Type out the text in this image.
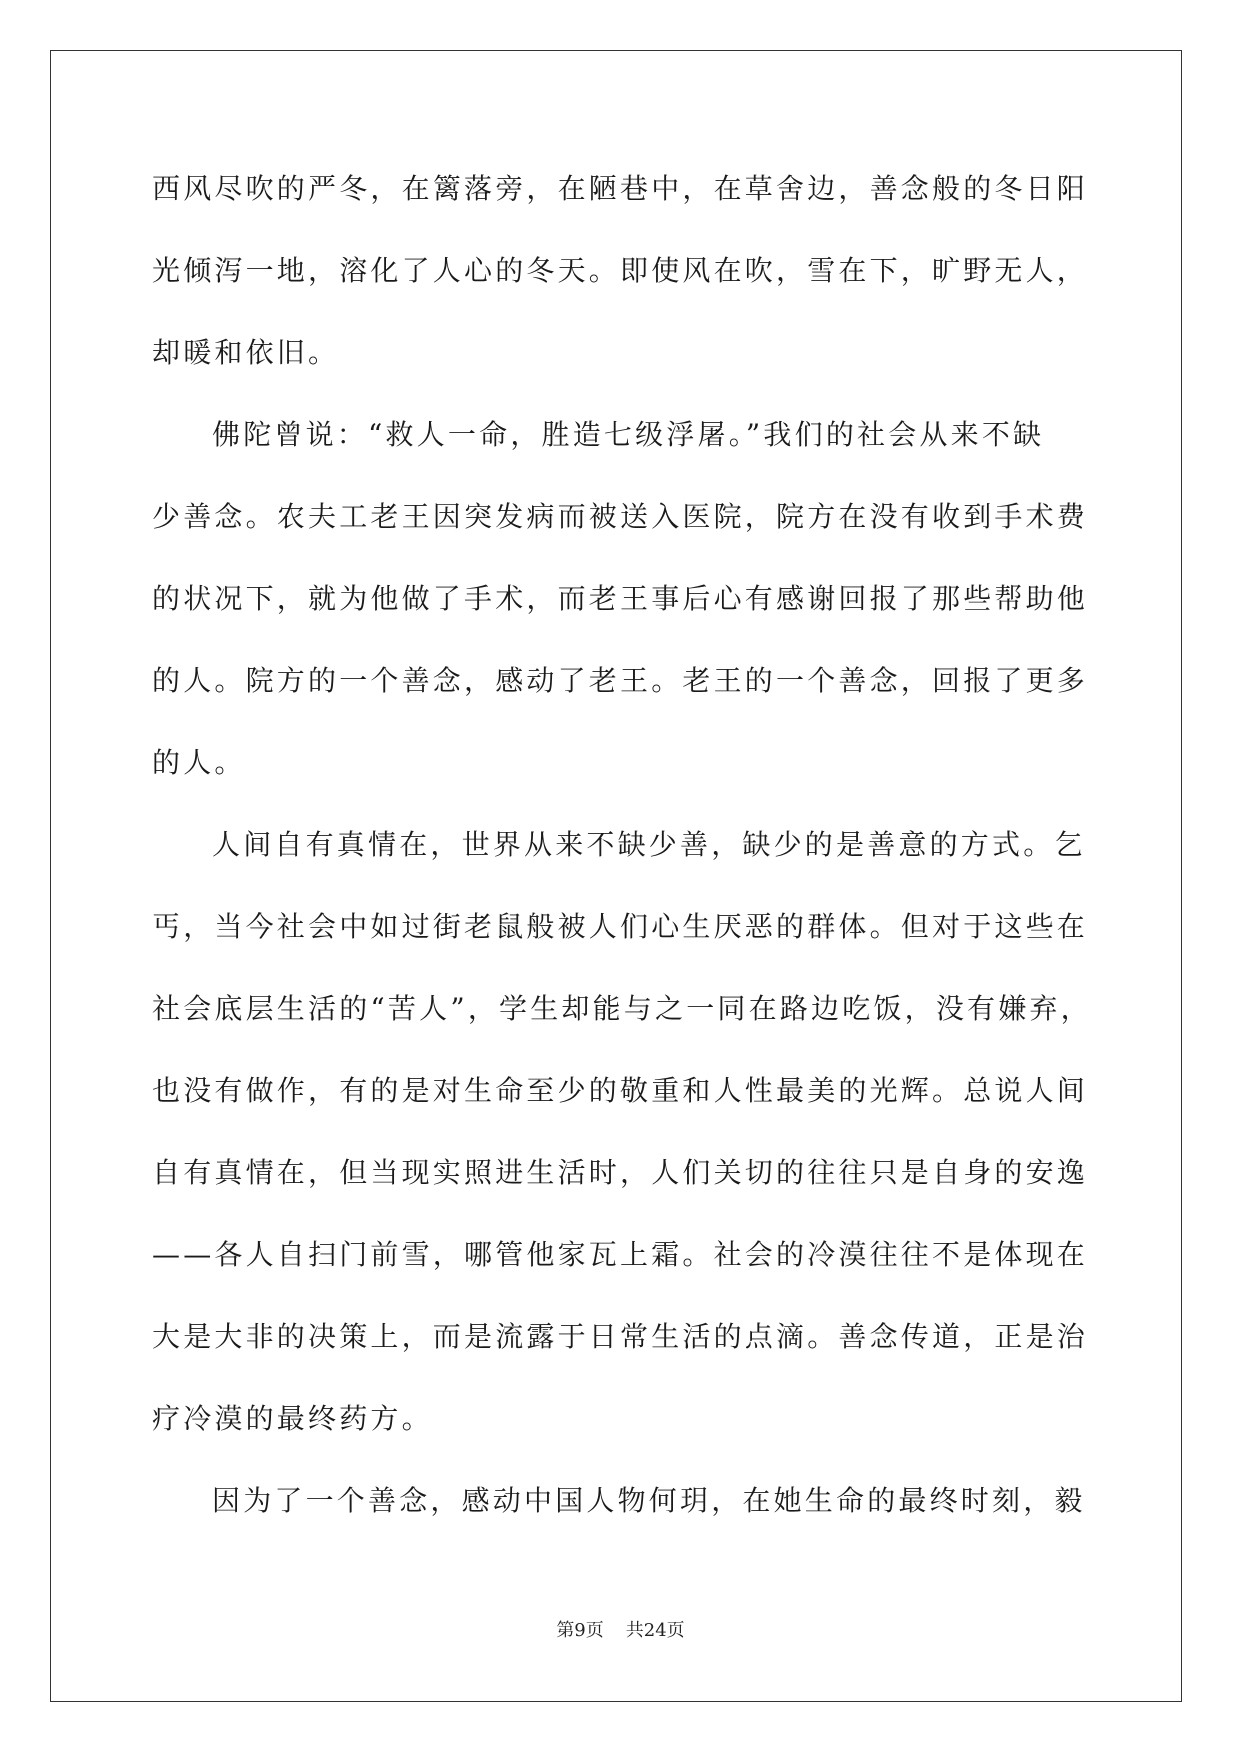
西风尽吹的严冬，在篱落旁，在陋巷中，在草舍边，善念般的冬日阳
光倾泻一地，溶化了人心的冬天。即使风在吹，雪在下，旷野无人，
却暖和依旧。
佛陀曾说：“救人一命，胜造七级浮屠。”我们的社会从来不缺
少善念。农夫工老王因突发病而被送入医院，院方在没有收到手术费
的状况下，就为他做了手术，而老王事后心有感谢回报了那些帮助他
的人。院方的一个善念，感动了老王。老王的一个善念，回报了更多
的人。
人间自有真情在，世界从来不缺少善，缺少的是善意的方式。乞
丐，当今社会中如过街老鼠般被人们心生厌恶的群体。但对于这些在
社会底层生活的“苦人”，学生却能与之一同在路边吃饭，没有嫌弃，
也没有做作，有的是对生命至少的敬重和人性最美的光辉。总说人间
自有真情在，但当现实照进生活时，人们关切的往往只是自身的安逸
——各人自扫门前雪，哪管他家瓦上霜。社会的冷漠往往不是体现在
大是大非的决策上，而是流露于日常生活的点滴。善念传道，正是治
疗冷漠的最终药方。
因为了一个善念，感动中国人物何玥，在她生命的最终时刻，毅
第9页 共24页
